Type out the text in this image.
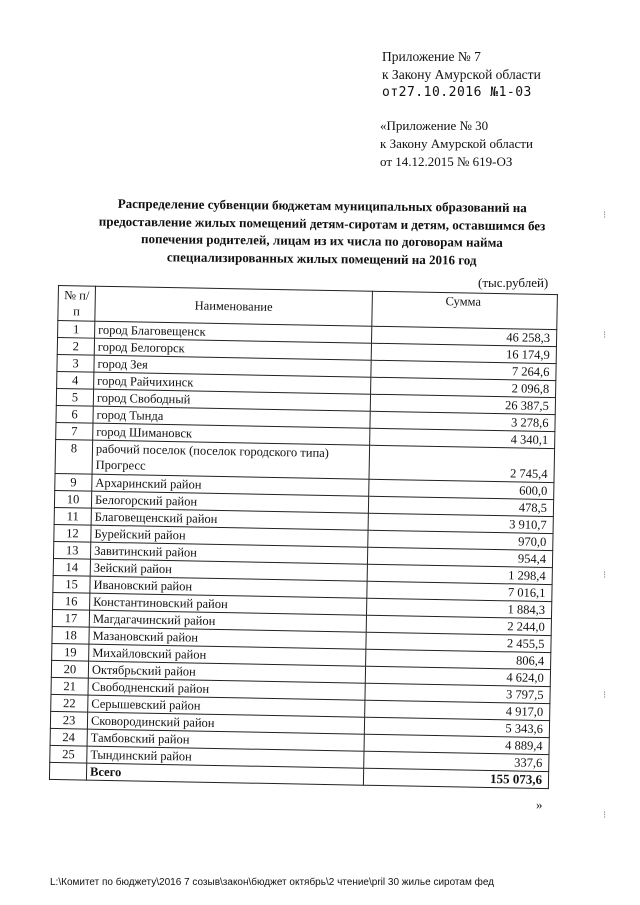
Приложение № 7
к Закону Амурской области
от27.10.2016 №1-03
«Приложение № 30
к Закону Амурской области
от 14.12.2015 № 619-ОЗ
Распределение субвенции бюджетам муниципальных образований на предоставление жилых помещений детям-сиротам и детям, оставшимся без попечения родителей, лицам из их числа по договорам найма специализированных жилых помещений на 2016 год
(тыс.рублей)
№ п/п	Наименование	Сумма
1	город Благовещенск	46 258,3
2	город Белогорск	16 174,9
3	город Зея	7 264,6
4	город Райчихинск	2 096,8
5	город Свободный	26 387,5
6	город Тында	3 278,6
7	город Шимановск	4 340,1
8	рабочий поселок (поселок городского типа) Прогресс	2 745,4
9	Архаринский район	600,0
10	Белогорский район	478,5
11	Благовещенский район	3 910,7
12	Бурейский район	970,0
13	Завитинский район	954,4
14	Зейский район	1 298,4
15	Ивановский район	7 016,1
16	Константиновский район	1 884,3
17	Магдагачинский район	2 244,0
18	Мазановский район	2 455,5
19	Михайловский район	806,4
20	Октябрьский район	4 624,0
21	Свободненский район	3 797,5
22	Серышевский район	4 917,0
23	Сковородинский район	5 343,6
24	Тамбовский район	4 889,4
25	Тындинский район	337,6
	Всего	155 073,6
»
L:\Комитет по бюджету\2016 7 созыв\закон\бюджет октябрь\2 чтение\pril 30 жилье сиротам фед
⁝
⁝
⁝
⁝
⁝
